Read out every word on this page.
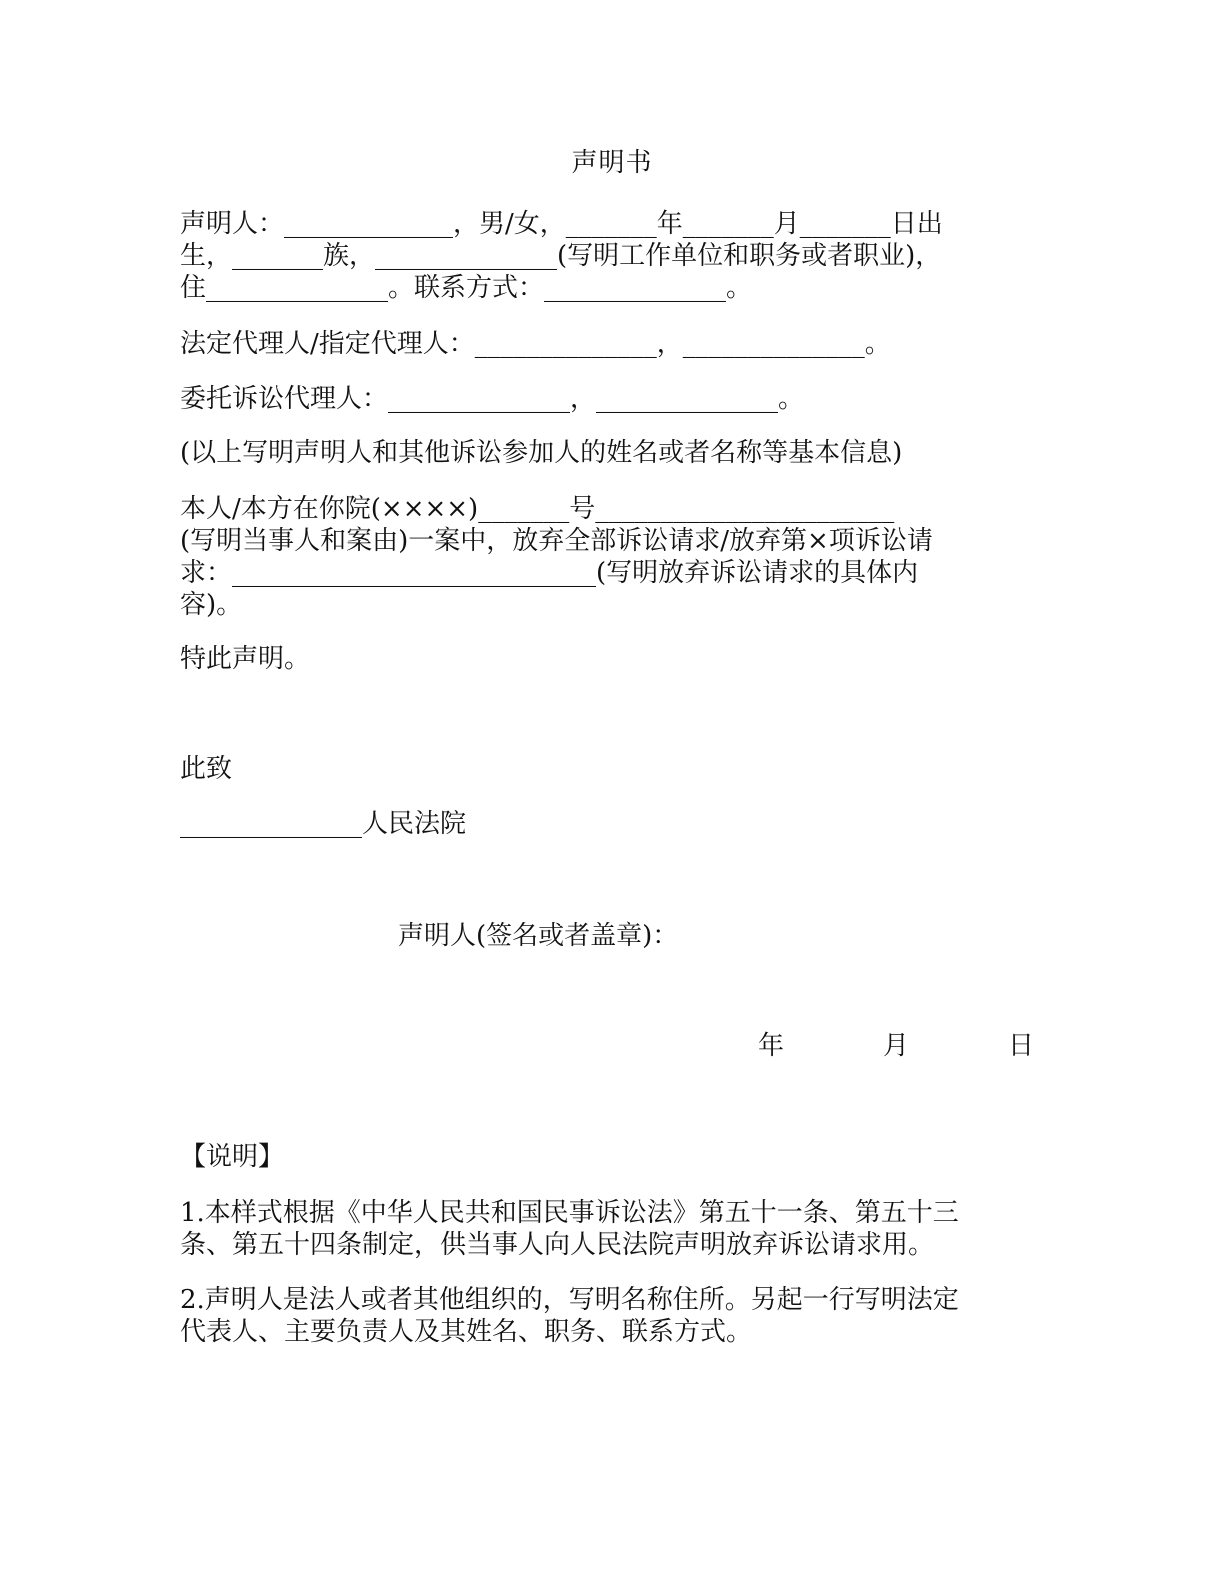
声明书
声明人：_____________，男/女，_______年_______月_______日出
生，_______族，______________(写明工作单位和职务或者职业)，
住______________。联系方式：______________。
法定代理人/指定代理人：______________，______________。
委托诉讼代理人：______________，______________。
(以上写明声明人和其他诉讼参加人的姓名或者名称等基本信息)
本人/本方在你院(××××)_______号_______________________
(写明当事人和案由)一案中，放弃全部诉讼请求/放弃第×项诉讼请
求：____________________________(写明放弃诉讼请求的具体内
容)。
特此声明。
此致
______________人民法院
声明人(签名或者盖章)：
年	月	日
【说明】
1.本样式根据《中华人民共和国民事诉讼法》第五十一条、第五十三
条、第五十四条制定，供当事人向人民法院声明放弃诉讼请求用。
2.声明人是法人或者其他组织的，写明名称住所。另起一行写明法定
代表人、主要负责人及其姓名、职务、联系方式。
